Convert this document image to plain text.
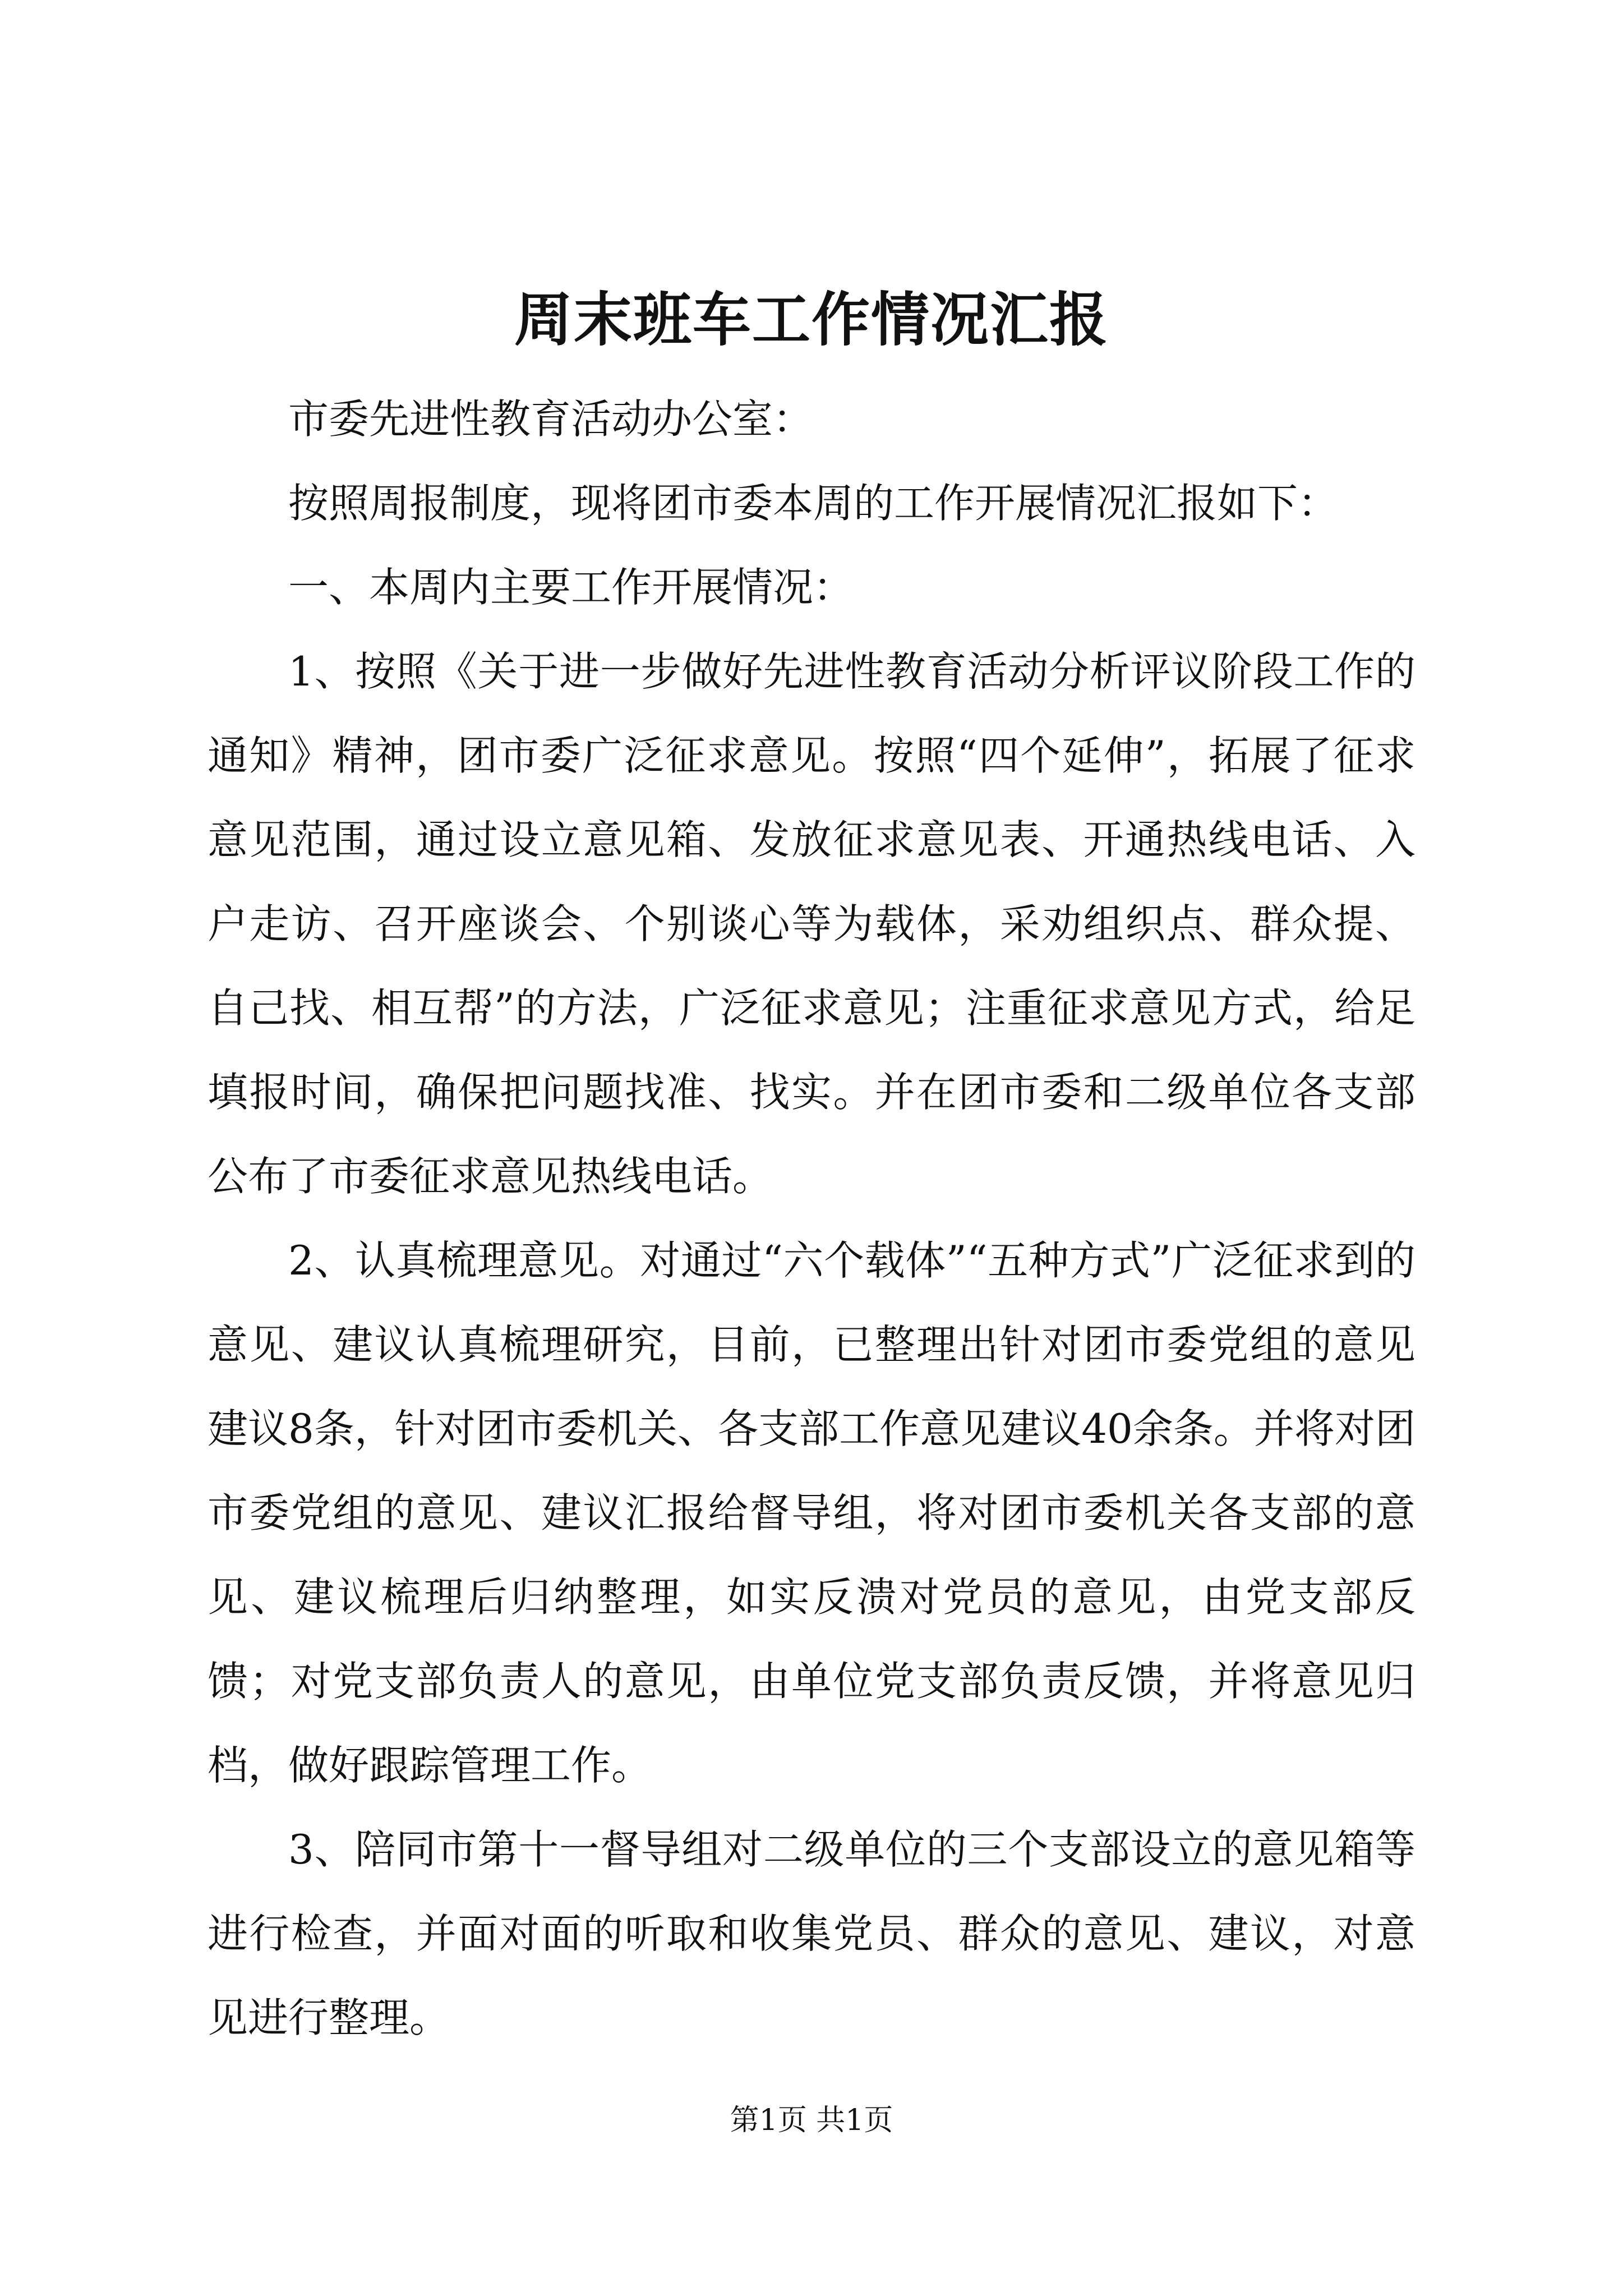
周末班车工作情况汇报

市委先进性教育活动办公室：

按照周报制度，现将团市委本周的工作开展情况汇报如下：

一、本周内主要工作开展情况：

1、按照《关于进一步做好先进性教育活动分析评议阶段工作的通知》精神，团市委广泛征求意见。按照“四个延伸”，拓展了征求意见范围，通过设立意见箱、发放征求意见表、开通热线电话、入户走访、召开座谈会、个别谈心等为载体，采劝组织点、群众提、自己找、相互帮”的方法，广泛征求意见；注重征求意见方式，给足填报时间，确保把问题找准、找实。并在团市委和二级单位各支部公布了市委征求意见热线电话。

2、认真梳理意见。对通过“六个载体”“五种方式”广泛征求到的意见、建议认真梳理研究，目前，已整理出针对团市委党组的意见建议8条，针对团市委机关、各支部工作意见建议40余条。并将对团市委党组的意见、建议汇报给督导组，将对团市委机关各支部的意见、建议梳理后归纳整理，如实反溃对党员的意见，由党支部反馈；对党支部负责人的意见，由单位党支部负责反馈，并将意见归档，做好跟踪管理工作。

3、陪同市第十一督导组对二级单位的三个支部设立的意见箱等进行检查，并面对面的听取和收集党员、群众的意见、建议，对意见进行整理。

第1页 共1页
